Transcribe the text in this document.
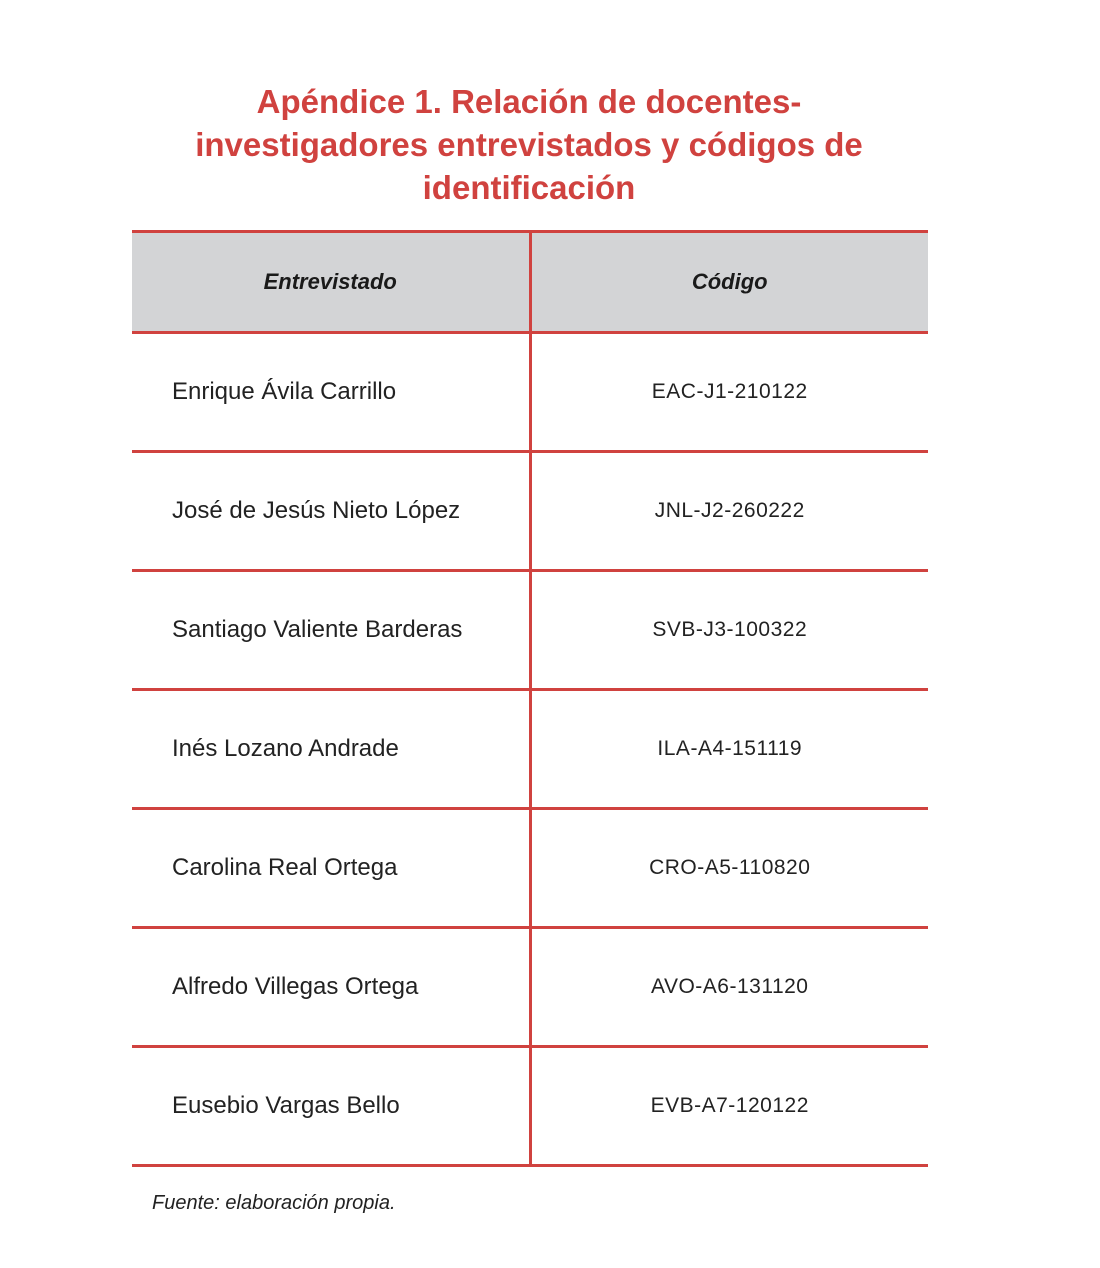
Apéndice 1. Relación de docentes-
investigadores entrevistados y códigos de
identificación
Entrevistado	Código
Enrique Ávila Carrillo	EAC-J1-210122
José de Jesús Nieto López	JNL-J2-260222
Santiago Valiente Barderas	SVB-J3-100322
Inés Lozano Andrade	ILA-A4-151119
Carolina Real Ortega	CRO-A5-110820
Alfredo Villegas Ortega	AVO-A6-131120
Eusebio Vargas Bello	EVB-A7-120122
Fuente: elaboración propia.
